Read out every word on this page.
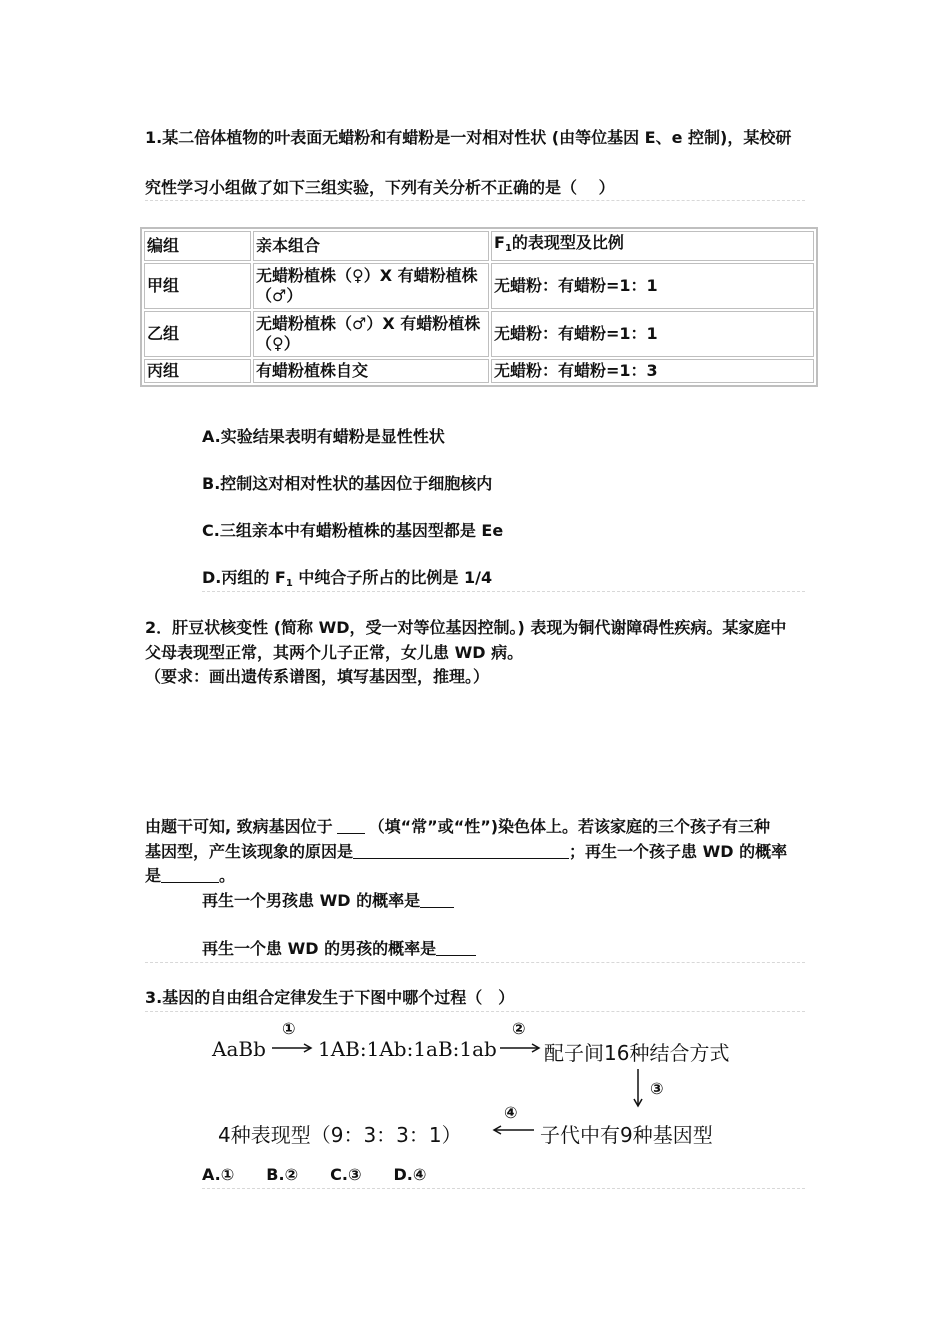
1.某二倍体植物的叶表面无蜡粉和有蜡粉是一对相对性状 (由等位基因 E、e 控制)，某校研
究性学习小组做了如下三组实验，下列有关分析不正确的是（　 ）
编组	亲本组合	$F_1$的表现型及比例
甲组	无蜡粉植株（♀）X 有蜡粉植株（♂）	无蜡粉：有蜡粉=1：1
乙组	无蜡粉植株（♂）X 有蜡粉植株（♀）	无蜡粉：有蜡粉=1：1
丙组	有蜡粉植株自交	无蜡粉：有蜡粉=1：3
A.实验结果表明有蜡粉是显性性状
B.控制这对相对性状的基因位于细胞核内
C.三组亲本中有蜡粉植株的基因型都是 Ee
D.丙组的 $F_1$ 中纯合子所占的比例是 1/4
2．肝豆状核变性 (简称 WD，受一对等位基因控制。) 表现为铜代谢障碍性疾病。某家庭中
父母表现型正常，其两个儿子正常，女儿患 WD 病。
（要求：画出遗传系谱图，填写基因型，推理。）
由题干可知, 致病基因位于 （填“常”或“性”)染色体上。若该家庭的三个孩子有三种
基因型，产生该现象的原因是	；再生一个孩子患 WD 的概率
是	。
再生一个男孩患 WD 的概率是
再生一个患 WD 的男孩的概率是
3.基因的自由组合定律发生于下图中哪个过程（　）
AaBb
①
1AB:1Ab:1aB:1ab
②
配子间16种结合方式
③
4种表现型（9：3：3：1）
④
子代中有9种基因型
A.①　　B.②　　C.③　　D.④
